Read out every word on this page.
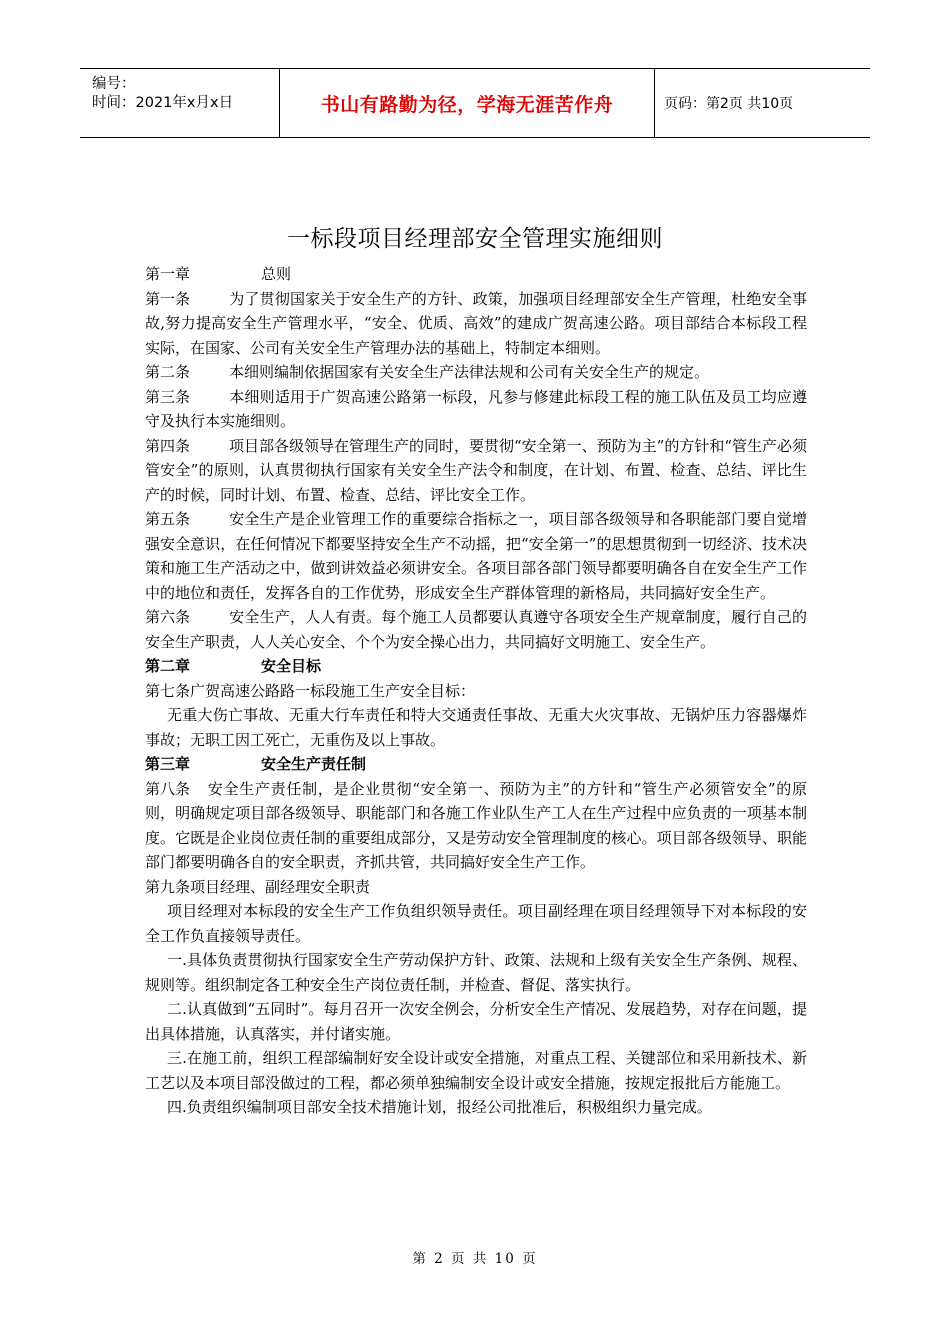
编号：
时间：2021年x月x日	书山有路勤为径，学海无涯苦作舟	页码：第2页 共10页
一标段项目经理部安全管理实施细则

第一章	总则

第一条	为了贯彻国家关于安全生产的方针、政策，加强项目经理部安全生产管理，杜绝安全事故,努力提高安全生产管理水平，“安全、优质、高效”的建成广贺高速公路。项目部结合本标段工程实际，在国家、公司有关安全生产管理办法的基础上，特制定本细则。

第二条	本细则编制依据国家有关安全生产法律法规和公司有关安全生产的规定。

第三条	本细则适用于广贺高速公路第一标段，凡参与修建此标段工程的施工队伍及员工均应遵守及执行本实施细则。

第四条	项目部各级领导在管理生产的同时，要贯彻“安全第一、预防为主”的方针和“管生产必须管安全”的原则，认真贯彻执行国家有关安全生产法令和制度，在计划、布置、检查、总结、评比生产的时候，同时计划、布置、检查、总结、评比安全工作。

第五条	安全生产是企业管理工作的重要综合指标之一，项目部各级领导和各职能部门要自觉增强安全意识，在任何情况下都要坚持安全生产不动摇，把“安全第一”的思想贯彻到一切经济、技术决策和施工生产活动之中，做到讲效益必须讲安全。各项目部各部门领导都要明确各自在安全生产工作中的地位和责任，发挥各自的工作优势，形成安全生产群体管理的新格局，共同搞好安全生产。

第六条	安全生产，人人有责。每个施工人员都要认真遵守各项安全生产规章制度，履行自己的安全生产职责，人人关心安全、个个为安全操心出力，共同搞好文明施工、安全生产。

第二章	安全目标

第七条广贺高速公路路一标段施工生产安全目标：

无重大伤亡事故、无重大行车责任和特大交通责任事故、无重大火灾事故、无锅炉压力容器爆炸事故；无职工因工死亡，无重伤及以上事故。

第三章	安全生产责任制

第八条 安全生产责任制，是企业贯彻“安全第一、预防为主”的方针和“管生产必须管安全”的原则，明确规定项目部各级领导、职能部门和各施工作业队生产工人在生产过程中应负责的一项基本制度。它既是企业岗位责任制的重要组成部分，又是劳动安全管理制度的核心。项目部各级领导、职能部门都要明确各自的安全职责，齐抓共管，共同搞好安全生产工作。

第九条项目经理、副经理安全职责

项目经理对本标段的安全生产工作负组织领导责任。项目副经理在项目经理领导下对本标段的安全工作负直接领导责任。

一.具体负责贯彻执行国家安全生产劳动保护方针、政策、法规和上级有关安全生产条例、规程、规则等。组织制定各工种安全生产岗位责任制，并检查、督促、落实执行。

二.认真做到“五同时”。每月召开一次安全例会，分析安全生产情况、发展趋势，对存在问题，提出具体措施，认真落实，并付诸实施。

三.在施工前，组织工程部编制好安全设计或安全措施，对重点工程、关键部位和采用新技术、新工艺以及本项目部没做过的工程，都必须单独编制安全设计或安全措施，按规定报批后方能施工。

四.负责组织编制项目部安全技术措施计划，报经公司批准后，积极组织力量完成。

第 2 页 共 10 页
